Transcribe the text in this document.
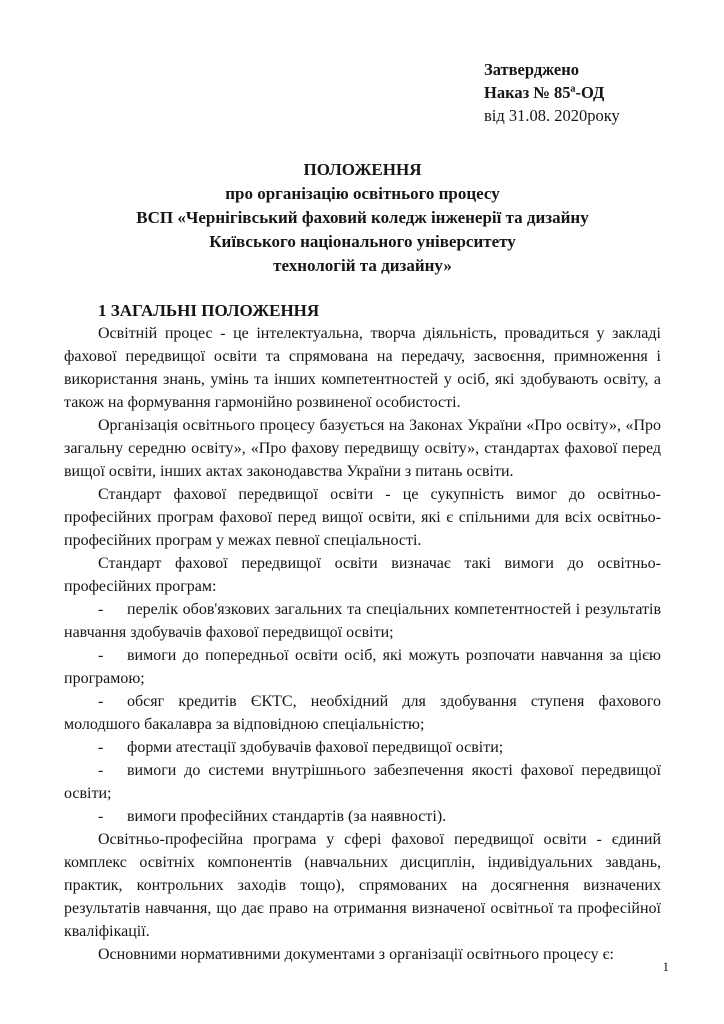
Затверджено
Наказ № 85ª-ОД
від 31.08. 2020року
ПОЛОЖЕННЯ
про організацію освітнього процесу
ВСП «Чернігівський фаховий коледж інженерії та дизайну
Київського національного університету
технологій та дизайну»
1 ЗАГАЛЬНІ ПОЛОЖЕННЯ

Освітній процес - це інтелектуальна, творча діяльність, провадиться у закладі фахової передвищої освіти та спрямована на передачу, засвоєння, примноження і використання знань, умінь та інших компетентностей у осіб, які здобувають освіту, а також на формування гармонійно розвиненої особистості.

Організація освітнього процесу базується на Законах України «Про освіту», «Про загальну середню освіту», «Про фахову передвищу освіту», стандартах фахової перед вищої освіти, інших актах законодавства України з питань освіти.

Стандарт фахової передвищої освіти - це сукупність вимог до освітньо-професійних програм фахової перед вищої освіти, які є спільними для всіх освітньо-професійних програм у межах певної спеціальності.

Стандарт фахової передвищої освіти визначає такі вимоги до освітньо-професійних програм:

- перелік обов'язкових загальних та спеціальних компетентностей і результатів навчання здобувачів фахової передвищої освіти;

- вимоги до попередньої освіти осіб, які можуть розпочати навчання за цією програмою;

- обсяг кредитів ЄКТС, необхідний для здобування ступеня фахового молодшого бакалавра за відповідною спеціальністю;

- форми атестації здобувачів фахової передвищої освіти;

- вимоги до системи внутрішнього забезпечення якості фахової передвищої освіти;

- вимоги професійних стандартів (за наявності).

Освітньо-професійна програма у сфері фахової передвищої освіти - єдиний комплекс освітніх компонентів (навчальних дисциплін, індивідуальних завдань, практик, контрольних заходів тощо), спрямованих на досягнення визначених результатів навчання, що дає право на отримання визначеної освітньої та професійної кваліфікації.

Основними нормативними документами з організації освітнього процесу є:

1
